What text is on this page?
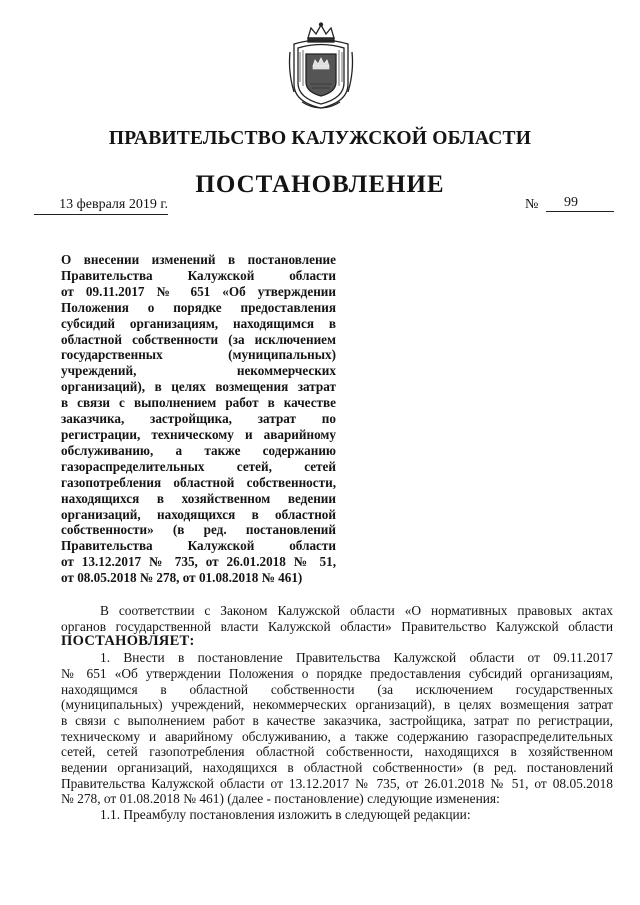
ПРАВИТЕЛЬСТВО КАЛУЖСКОЙ ОБЛАСТИ
ПОСТАНОВЛЕНИЕ
13 февраля 2019 г.	№	99

О внесении изменений в постановление
Правительства Калужской области
от 09.11.2017 № 651 «Об утверждении
Положения о порядке предоставления
субсидий организациям, находящимся в
областной собственности (за исключением
государственных (муниципальных)
учреждений, некоммерческих
организаций), в целях возмещения затрат
в связи с выполнением работ в качестве
заказчика, застройщика, затрат по
регистрации, техническому и аварийному
обслуживанию, а также содержанию
газораспределительных сетей, сетей
газопотребления областной собственности,
находящихся в хозяйственном ведении
организаций, находящихся в областной
собственности» (в ред. постановлений
Правительства Калужской области
от 13.12.2017 № 735, от 26.01.2018 № 51,
от 08.05.2018 № 278, от 01.08.2018 № 461)

В соответствии с Законом Калужской области «О нормативных правовых актах
органов государственной власти Калужской области» Правительство Калужской области
ПОСТАНОВЛЯЕТ:
1. Внести в постановление Правительства Калужской области от 09.11.2017
№ 651 «Об утверждении Положения о порядке предоставления субсидий организациям,
находящимся в областной собственности (за исключением государственных
(муниципальных) учреждений, некоммерческих организаций), в целях возмещения затрат
в связи с выполнением работ в качестве заказчика, застройщика, затрат по регистрации,
техническому и аварийному обслуживанию, а также содержанию газораспределительных
сетей, сетей газопотребления областной собственности, находящихся в хозяйственном
ведении организаций, находящихся в областной собственности» (в ред. постановлений
Правительства Калужской области от 13.12.2017 № 735, от 26.01.2018 № 51, от 08.05.2018
№ 278, от 01.08.2018 № 461) (далее - постановление) следующие изменения:
1.1. Преамбулу постановления изложить в следующей редакции:
